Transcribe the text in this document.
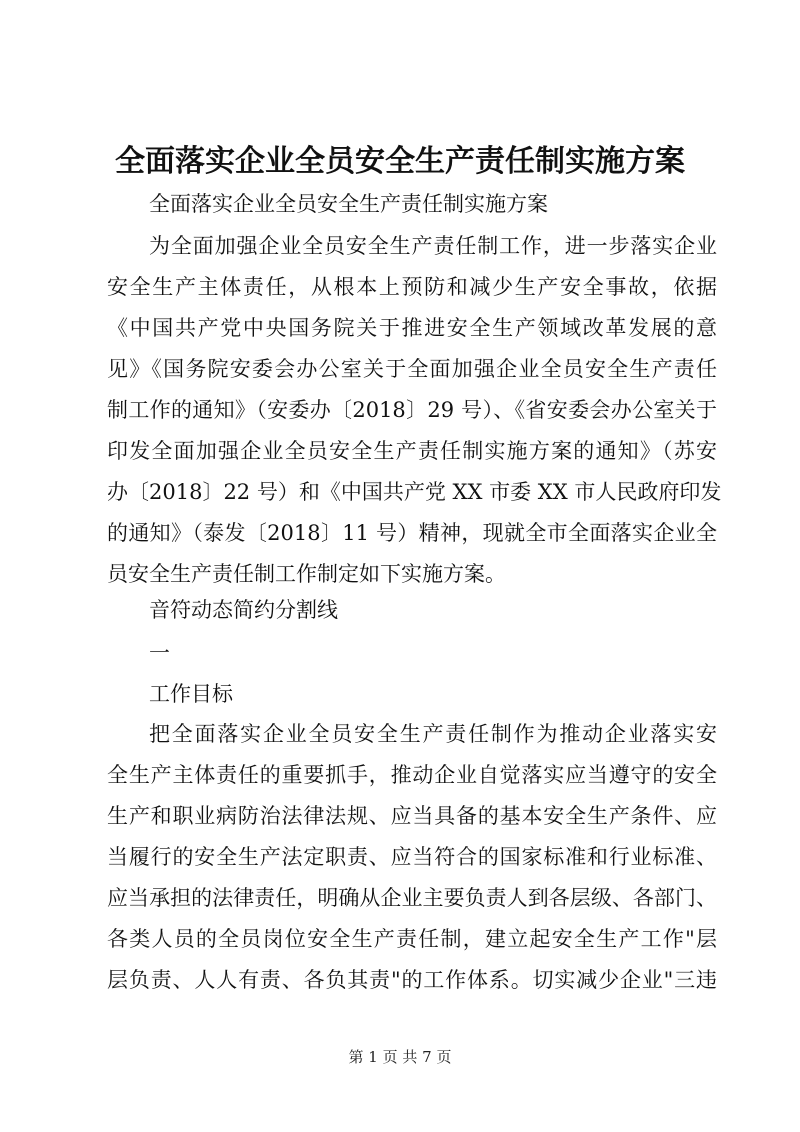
全面落实企业全员安全生产责任制实施方案
全面落实企业全员安全生产责任制实施方案
为全面加强企业全员安全生产责任制工作，进一步落实企业
安全生产主体责任，从根本上预防和减少生产安全事故，依据
《中国共产党中央国务院关于推进安全生产领域改革发展的意
见》《国务院安委会办公室关于全面加强企业全员安全生产责任
制工作的通知》（安委办〔2018〕29 号）、《省安委会办公室关于
印发全面加强企业全员安全生产责任制实施方案的通知》（苏安
办〔2018〕22 号）和《中国共产党 XX 市委 XX 市人民政府印发
的通知》（泰发〔2018〕11 号）精神，现就全市全面落实企业全
员安全生产责任制工作制定如下实施方案。
音符动态简约分割线
一
工作目标
把全面落实企业全员安全生产责任制作为推动企业落实安
全生产主体责任的重要抓手，推动企业自觉落实应当遵守的安全
生产和职业病防治法律法规、应当具备的基本安全生产条件、应
当履行的安全生产法定职责、应当符合的国家标准和行业标准、
应当承担的法律责任，明确从企业主要负责人到各层级、各部门、
各类人员的全员岗位安全生产责任制，建立起安全生产工作"层
层负责、人人有责、各负其责"的工作体系。切实减少企业"三违
第 1 页 共 7 页
